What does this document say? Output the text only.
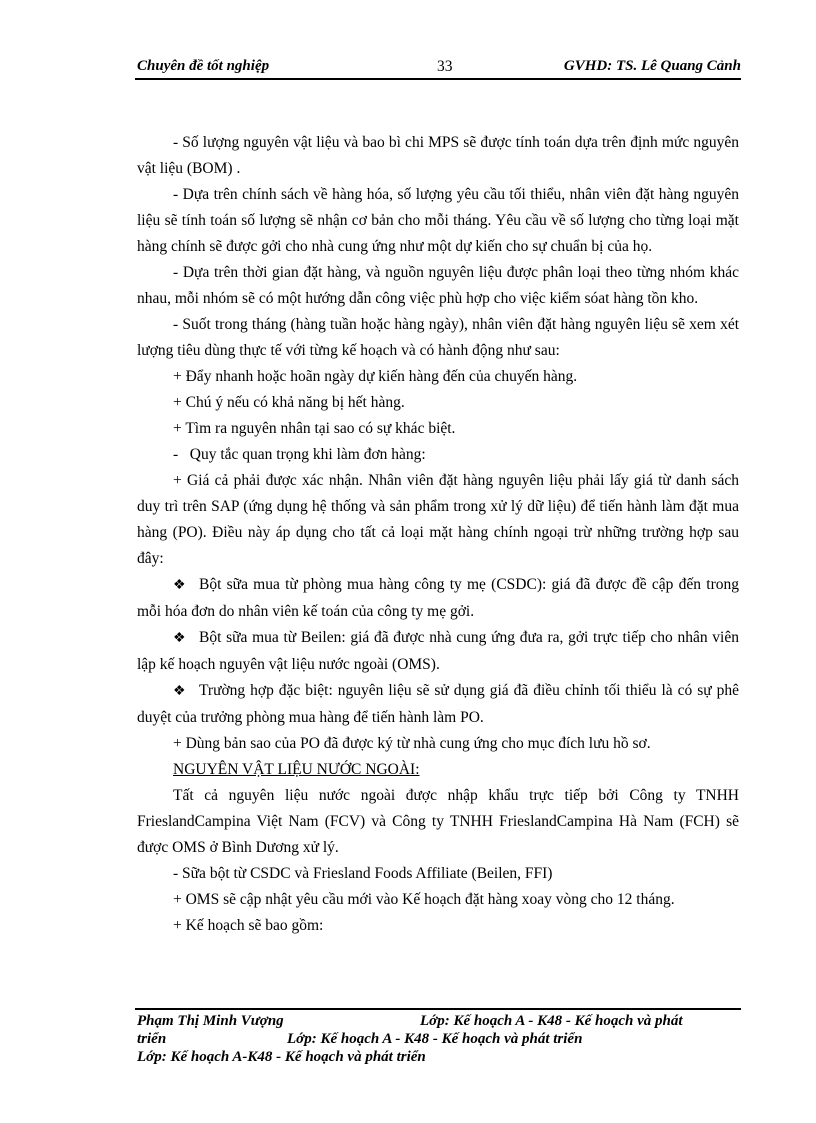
Chuyên đề tốt nghiệp	33	GVHD: TS. Lê Quang Cảnh

- Số lượng nguyên vật liệu và bao bì chi MPS sẽ được tính toán dựa trên định mức nguyên vật liệu (BOM) .

- Dựa trên chính sách về hàng hóa, số lượng yêu cầu tối thiểu, nhân viên đặt hàng nguyên liệu sẽ tính toán số lượng sẽ nhận cơ bản cho mỗi tháng. Yêu cầu về số lượng cho từng loại mặt hàng chính sẽ được gởi cho nhà cung ứng như một dự kiến cho sự chuẩn bị của họ.

- Dựa trên thời gian đặt hàng, và nguồn nguyên liệu được phân loại theo từng nhóm khác nhau, mỗi nhóm sẽ có một hướng dẫn công việc phù hợp cho việc kiểm sóat hàng tồn kho.

- Suốt trong tháng (hàng tuần hoặc hàng ngày), nhân viên đặt hàng nguyên liệu sẽ xem xét lượng tiêu dùng thực tế với từng kế hoạch và có hành động như sau:

+ Đẩy nhanh hoặc hoãn ngày dự kiến hàng đến của chuyến hàng.

+ Chú ý nếu có khả năng bị hết hàng.

+ Tìm ra nguyên nhân tại sao có sự khác biệt.

-   Quy tắc quan trọng khi làm đơn hàng:

+ Giá cả phải được xác nhận. Nhân viên đặt hàng nguyên liệu phải lấy giá từ danh sách duy trì trên SAP (ứng dụng hệ thống và sản phẩm trong xử lý dữ liệu) để tiến hành làm đặt mua hàng (PO). Điều này áp dụng cho tất cả loại mặt hàng chính ngoại trừ những trường hợp sau đây:

❖ Bột sữa mua từ phòng mua hàng công ty mẹ (CSDC): giá đã được đề cập đến trong mỗi hóa đơn do nhân viên kế toán của công ty mẹ gởi.

❖ Bột sữa mua từ Beilen: giá đã được nhà cung ứng đưa ra, gởi trực tiếp cho nhân viên lập kế hoạch nguyên vật liệu nước ngoài (OMS).

❖ Trường hợp đặc biệt: nguyên liệu sẽ sử dụng giá đã điều chỉnh tối thiểu là có sự phê duyệt của trưởng phòng mua hàng để tiến hành làm PO.

+ Dùng bản sao của PO đã được ký từ nhà cung ứng cho mục đích lưu hồ sơ.

NGUYÊN VẬT LIỆU NƯỚC NGOÀI:

Tất cả nguyên liệu nước ngoài được nhập khẩu trực tiếp bởi Công ty TNHH FrieslandCampina Việt Nam (FCV) và Công ty TNHH FrieslandCampina Hà Nam (FCH) sẽ được OMS ở Bình Dương xử lý.

- Sữa bột từ CSDC và Friesland Foods Affiliate (Beilen, FFI)

+ OMS sẽ cập nhật yêu cầu mới vào Kế hoạch đặt hàng xoay vòng cho 12 tháng.

+ Kế hoạch sẽ bao gồm:

Phạm Thị Minh Vượng	Lớp: Kế hoạch A - K48 - Kế hoạch và phát
triển	Lớp: Kế hoạch A - K48 - Kế hoạch và phát triển
Lớp: Kế hoạch A-K48 - Kế hoạch và phát triển
